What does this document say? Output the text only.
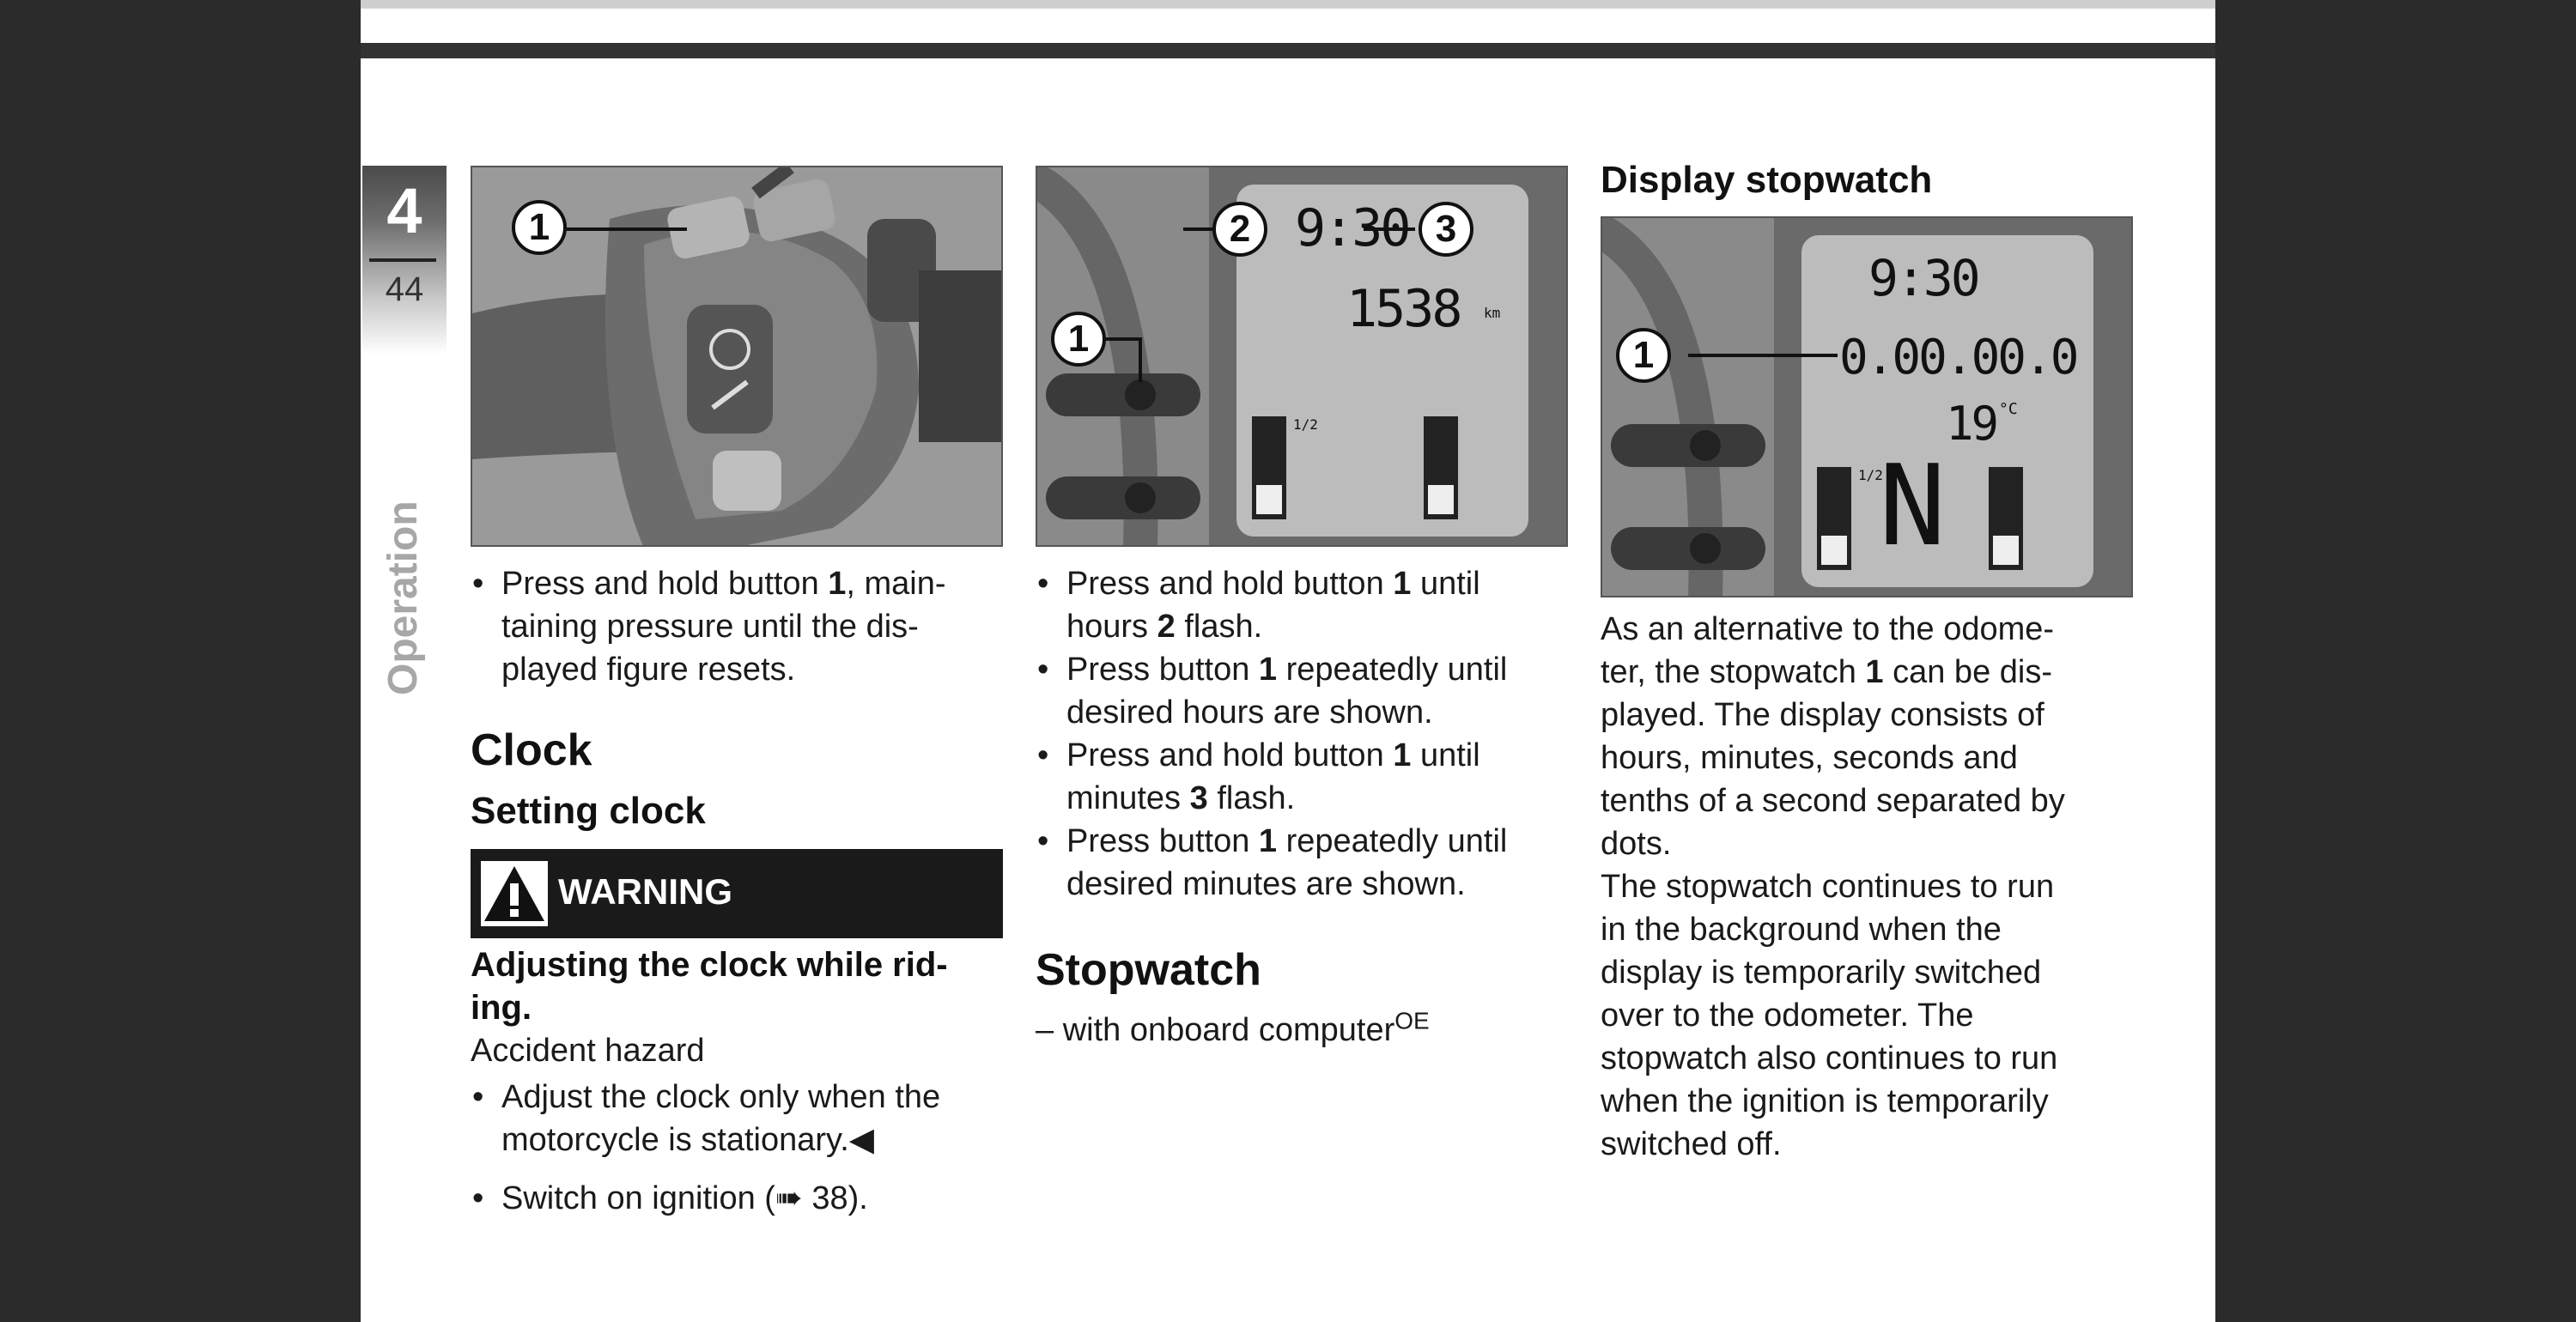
4
44
Operation
1
• Press and hold button 1, main-
taining pressure until the dis-
played figure resets.
Clock
Setting clock
WARNING
Adjusting the clock while rid-
ing.

Accident hazard

• Adjust the clock only when the
motorcycle is stationary.◀
• Switch on ignition (➠ 38).
2	3
1
9:30
1538 km
1/2
• Press and hold button 1 until
hours 2 flash.
• Press button 1 repeatedly until
desired hours are shown.
• Press and hold button 1 until
minutes 3 flash.
• Press button 1 repeatedly until
desired minutes are shown.
Stopwatch

– with onboard computer$^{OE}$

Display stopwatch
1
9:30
0.00.00.0
19 °C
N
1/2

As an alternative to the odome-
ter, the stopwatch 1 can be dis-
played. The display consists of
hours, minutes, seconds and
tenths of a second separated by
dots.

The stopwatch continues to run
in the background when the
display is temporarily switched
over to the odometer. The
stopwatch also continues to run
when the ignition is temporarily
switched off.
